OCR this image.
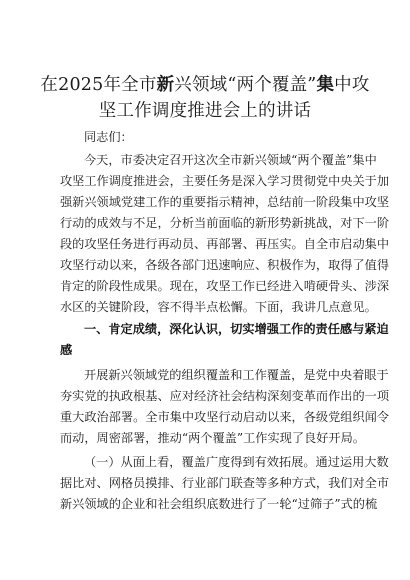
在2025年全市新兴领域“两个覆盖”集中攻
坚工作调度推进会上的讲话
同志们：
今天，市委决定召开这次全市新兴领域“两个覆盖”集中
攻坚工作调度推进会，主要任务是深入学习贯彻党中央关于加
强新兴领域党建工作的重要指示精神，总结前一阶段集中攻坚
行动的成效与不足，分析当前面临的新形势新挑战，对下一阶
段的攻坚任务进行再动员、再部署、再压实。自全市启动集中
攻坚行动以来，各级各部门迅速响应、积极作为，取得了值得
肯定的阶段性成果。现在，攻坚工作已经进入啃硬骨头、涉深
水区的关键阶段，容不得半点松懈。下面，我讲几点意见。
一、肯定成绩，深化认识，切实增强工作的责任感与紧迫
感
开展新兴领域党的组织覆盖和工作覆盖，是党中央着眼于
夯实党的执政根基、应对经济社会结构深刻变革而作出的一项
重大政治部署。全市集中攻坚行动启动以来，各级党组织闻令
而动，周密部署，推动“两个覆盖”工作实现了良好开局。
（一）从面上看，覆盖广度得到有效拓展。通过运用大数
据比对、网格员摸排、行业部门联查等多种方式，我们对全市
新兴领域的企业和社会组织底数进行了一轮“过筛子”式的梳
